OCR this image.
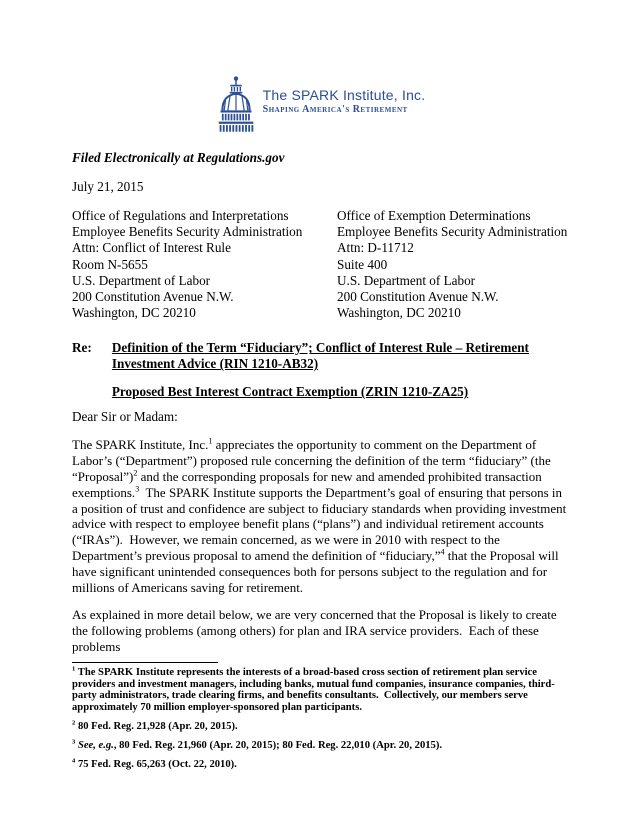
The SPARK Institute, Inc.
Shaping America's Retirement
Filed Electronically at Regulations.gov
July 21, 2015
Office of Regulations and Interpretations
Employee Benefits Security Administration
Attn: Conflict of Interest Rule
Room N-5655
U.S. Department of Labor
200 Constitution Avenue N.W.
Washington, DC 20210
Office of Exemption Determinations
Employee Benefits Security Administration
Attn: D-11712
Suite 400
U.S. Department of Labor
200 Constitution Avenue N.W.
Washington, DC 20210
Re:	Definition of the Term “Fiduciary”; Conflict of Interest Rule – Retirement
Investment Advice (RIN 1210-AB32)
Proposed Best Interest Contract Exemption (ZRIN 1210-ZA25)
Dear Sir or Madam:

The SPARK Institute, Inc.$^1$ appreciates the opportunity to comment on the Department of Labor’s (“Department”) proposed rule concerning the definition of the term “fiduciary” (the “Proposal”)$^2$ and the corresponding proposals for new and amended prohibited transaction exemptions.$^3$  The SPARK Institute supports the Department’s goal of ensuring that persons in a position of trust and confidence are subject to fiduciary standards when providing investment advice with respect to employee benefit plans (“plans”) and individual retirement accounts (“IRAs”).  However, we remain concerned, as we were in 2010 with respect to the Department’s previous proposal to amend the definition of “fiduciary,”$^4$ that the Proposal will have significant unintended consequences both for persons subject to the regulation and for millions of Americans saving for retirement.

As explained in more detail below, we are very concerned that the Proposal is likely to create the following problems (among others) for plan and IRA service providers.  Each of these problems

$^1$ The SPARK Institute represents the interests of a broad-based cross section of retirement plan service providers and investment managers, including banks, mutual fund companies, insurance companies, third-party administrators, trade clearing firms, and benefits consultants.  Collectively, our members serve approximately 70 million employer-sponsored plan participants.

$^2$ 80 Fed. Reg. 21,928 (Apr. 20, 2015).

$^3$ See, e.g., 80 Fed. Reg. 21,960 (Apr. 20, 2015); 80 Fed. Reg. 22,010 (Apr. 20, 2015).

$^4$ 75 Fed. Reg. 65,263 (Oct. 22, 2010).
